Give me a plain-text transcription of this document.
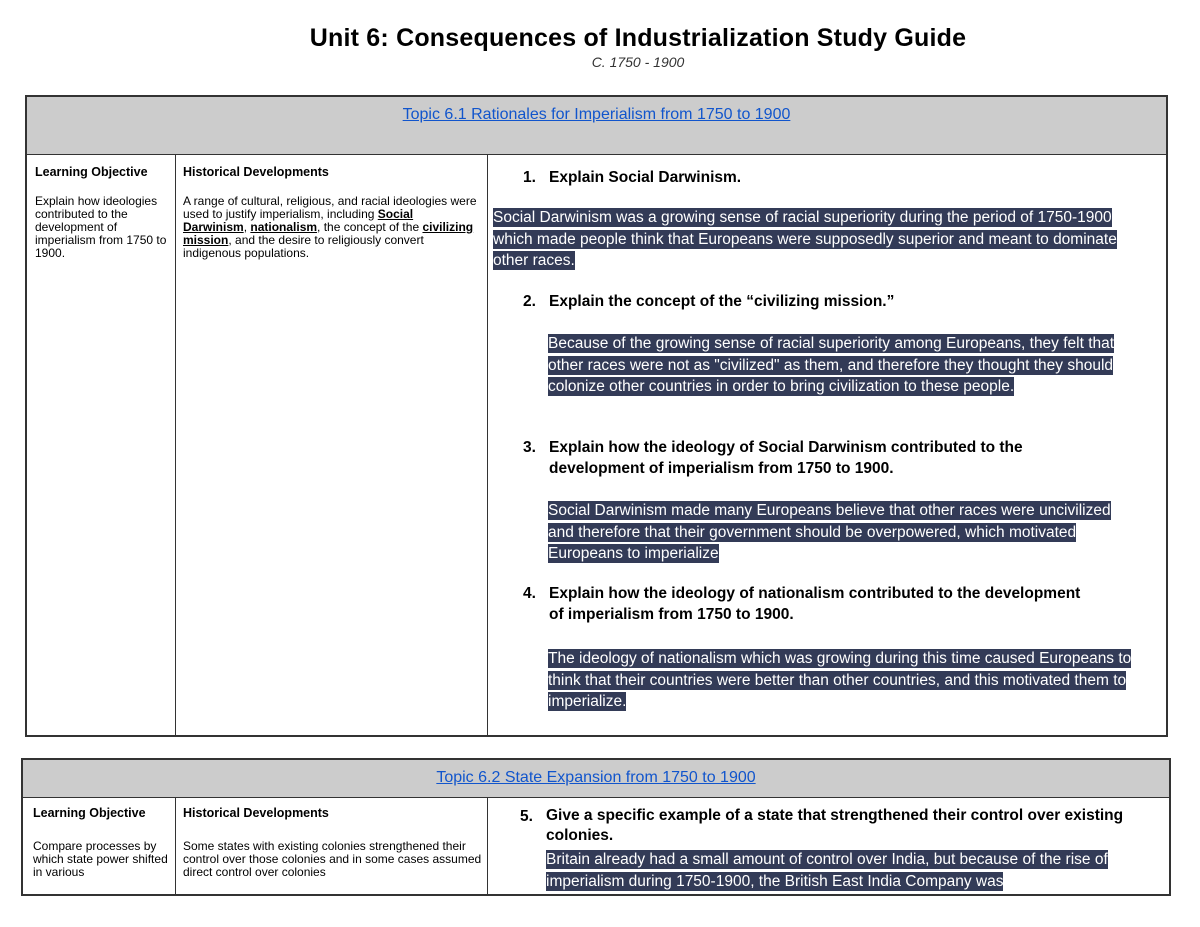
Unit 6: Consequences of Industrialization Study Guide
C. 1750 - 1900
Topic 6.1 Rationales for Imperialism from 1750 to 1900
Learning Objective
Explain how ideologies contributed to the development of imperialism from 1750 to 1900.
Historical Developments
A range of cultural, religious, and racial ideologies were used to justify imperialism, including Social Darwinism, nationalism, the concept of the civilizing mission, and the desire to religiously convert indigenous populations.
1. Explain Social Darwinism.
Social Darwinism was a growing sense of racial superiority during the period of 1750-1900 which made people think that Europeans were supposedly superior and meant to dominate other races.
2. Explain the concept of the “civilizing mission.”
Because of the growing sense of racial superiority among Europeans, they felt that other races were not as "civilized" as them, and therefore they thought they should colonize other countries in order to bring civilization to these people.
3. Explain how the ideology of Social Darwinism contributed to the development of imperialism from 1750 to 1900.
Social Darwinism made many Europeans believe that other races were uncivilized and therefore that their government should be overpowered, which motivated Europeans to imperialize
4. Explain how the ideology of nationalism contributed to the development of imperialism from 1750 to 1900.
The ideology of nationalism which was growing during this time caused Europeans to think that their countries were better than other countries, and this motivated them to imperialize.
Topic 6.2 State Expansion from 1750 to 1900
Learning Objective
Compare processes by which state power shifted in various
Historical Developments
Some states with existing colonies strengthened their control over those colonies and in some cases assumed direct control over colonies
5. Give a specific example of a state that strengthened their control over existing colonies.
Britain already had a small amount of control over India, but because of the rise of imperialism during 1750-1900, the British East India Company was
